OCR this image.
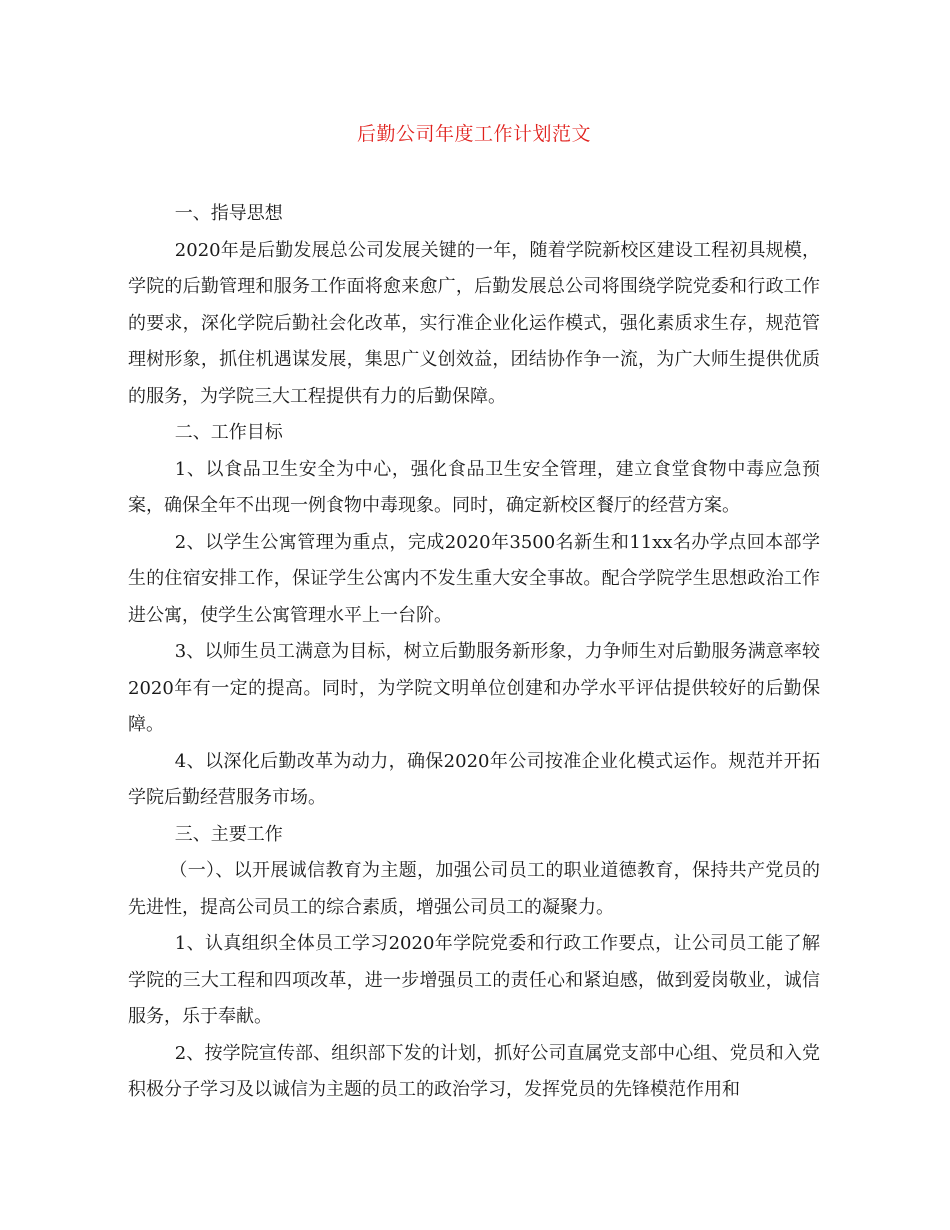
后勤公司年度工作计划范文

一、指导思想

2020年是后勤发展总公司发展关键的一年，随着学院新校区建设工程初具规模，学院的后勤管理和服务工作面将愈来愈广，后勤发展总公司将围绕学院党委和行政工作的要求，深化学院后勤社会化改革，实行准企业化运作模式，强化素质求生存，规范管理树形象，抓住机遇谋发展，集思广义创效益，团结协作争一流，为广大师生提供优质的服务，为学院三大工程提供有力的后勤保障。

二、工作目标

1、以食品卫生安全为中心，强化食品卫生安全管理，建立食堂食物中毒应急预案，确保全年不出现一例食物中毒现象。同时，确定新校区餐厅的经营方案。

2、以学生公寓管理为重点，完成2020年3500名新生和11xx名办学点回本部学生的住宿安排工作，保证学生公寓内不发生重大安全事故。配合学院学生思想政治工作进公寓，使学生公寓管理水平上一台阶。

3、以师生员工满意为目标，树立后勤服务新形象，力争师生对后勤服务满意率较2020年有一定的提高。同时，为学院文明单位创建和办学水平评估提供较好的后勤保障。

4、以深化后勤改革为动力，确保2020年公司按准企业化模式运作。规范并开拓学院后勤经营服务市场。

三、主要工作

（一）、以开展诚信教育为主题，加强公司员工的职业道德教育，保持共产党员的先进性，提高公司员工的综合素质，增强公司员工的凝聚力。

1、认真组织全体员工学习2020年学院党委和行政工作要点，让公司员工能了解学院的三大工程和四项改革，进一步增强员工的责任心和紧迫感，做到爱岗敬业，诚信服务，乐于奉献。

2、按学院宣传部、组织部下发的计划，抓好公司直属党支部中心组、党员和入党积极分子学习及以诚信为主题的员工的政治学习，发挥党员的先锋模范作用和
